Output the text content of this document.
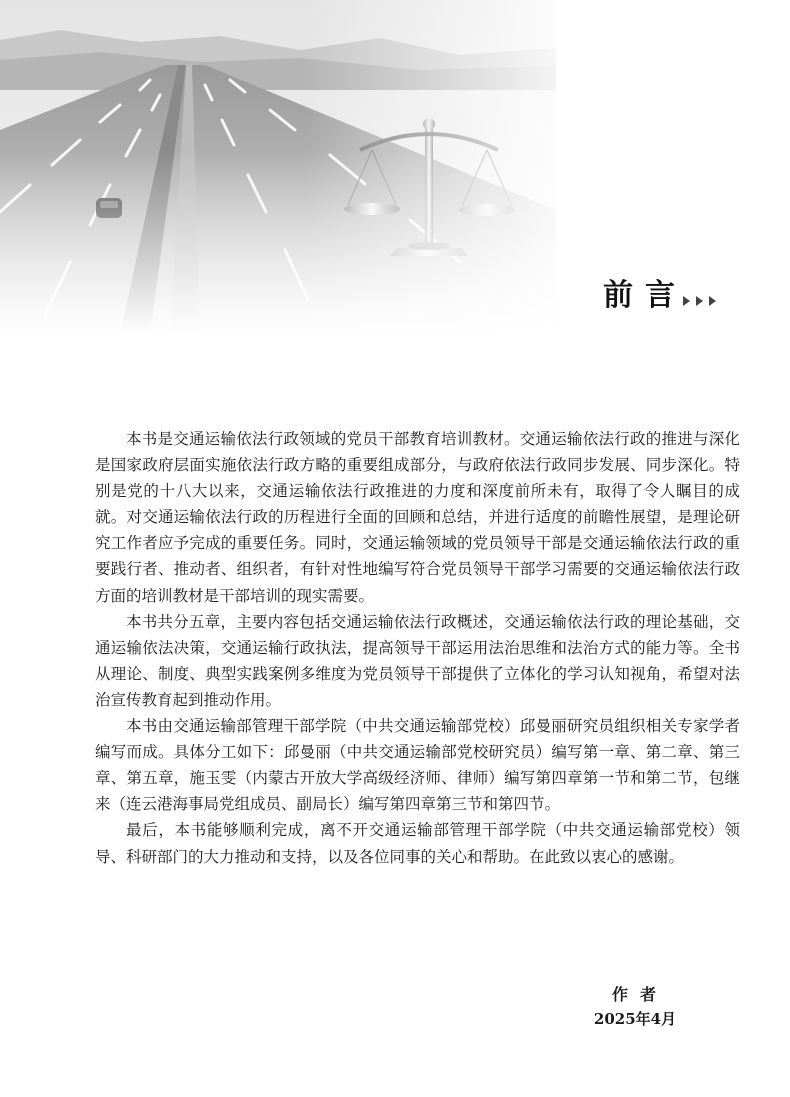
前言

本书是交通运输依法行政领域的党员干部教育培训教材。交通运输依法行政的推进与深化是国家政府层面实施依法行政方略的重要组成部分，与政府依法行政同步发展、同步深化。特别是党的十八大以来，交通运输依法行政推进的力度和深度前所未有，取得了令人瞩目的成就。对交通运输依法行政的历程进行全面的回顾和总结，并进行适度的前瞻性展望，是理论研究工作者应予完成的重要任务。同时，交通运输领域的党员领导干部是交通运输依法行政的重要践行者、推动者、组织者，有针对性地编写符合党员领导干部学习需要的交通运输依法行政方面的培训教材是干部培训的现实需要。

本书共分五章，主要内容包括交通运输依法行政概述，交通运输依法行政的理论基础，交通运输依法决策，交通运输行政执法，提高领导干部运用法治思维和法治方式的能力等。全书从理论、制度、典型实践案例多维度为党员领导干部提供了立体化的学习认知视角，希望对法治宣传教育起到推动作用。

本书由交通运输部管理干部学院（中共交通运输部党校）邱曼丽研究员组织相关专家学者编写而成。具体分工如下：邱曼丽（中共交通运输部党校研究员）编写第一章、第二章、第三章、第五章，施玉雯（内蒙古开放大学高级经济师、律师）编写第四章第一节和第二节，包继来（连云港海事局党组成员、副局长）编写第四章第三节和第四节。

最后，本书能够顺利完成，离不开交通运输部管理干部学院（中共交通运输部党校）领导、科研部门的大力推动和支持，以及各位同事的关心和帮助。在此致以衷心的感谢。

作者
2025年4月
